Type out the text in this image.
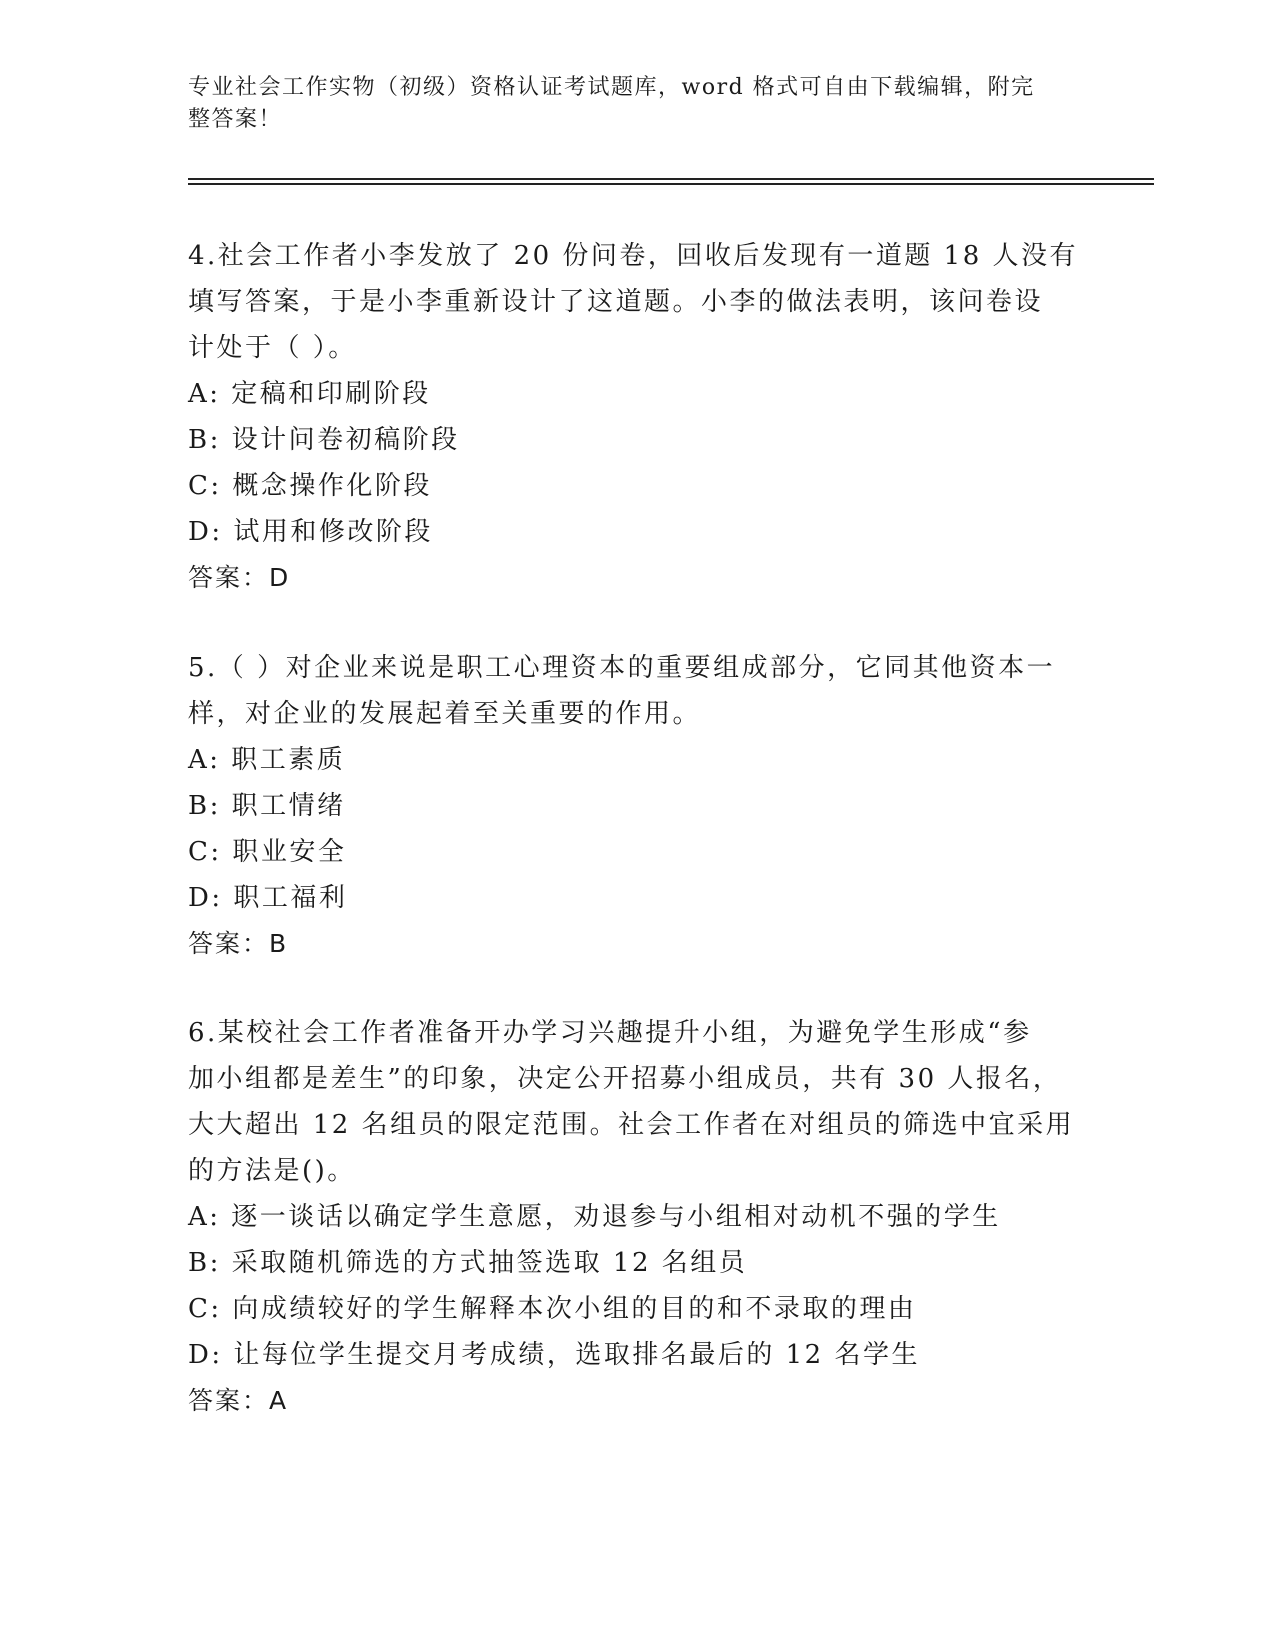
专业社会工作实物（初级）资格认证考试题库，word 格式可自由下载编辑，附完
整答案！
4.社会工作者小李发放了 20 份问卷，回收后发现有一道题 18 人没有
填写答案，于是小李重新设计了这道题。小李的做法表明，该问卷设
计处于（ ）。
A: 定稿和印刷阶段
B: 设计问卷初稿阶段
C: 概念操作化阶段
D: 试用和修改阶段
答案：D
5.（ ）对企业来说是职工心理资本的重要组成部分，它同其他资本一
样，对企业的发展起着至关重要的作用。
A: 职工素质
B: 职工情绪
C: 职业安全
D: 职工福利
答案：B
6.某校社会工作者准备开办学习兴趣提升小组，为避免学生形成“参
加小组都是差生”的印象，决定公开招募小组成员，共有 30 人报名，
大大超出 12 名组员的限定范围。社会工作者在对组员的筛选中宜采用
的方法是()。
A: 逐一谈话以确定学生意愿，劝退参与小组相对动机不强的学生
B: 采取随机筛选的方式抽签选取 12 名组员
C: 向成绩较好的学生解释本次小组的目的和不录取的理由
D: 让每位学生提交月考成绩，选取排名最后的 12 名学生
答案：A
